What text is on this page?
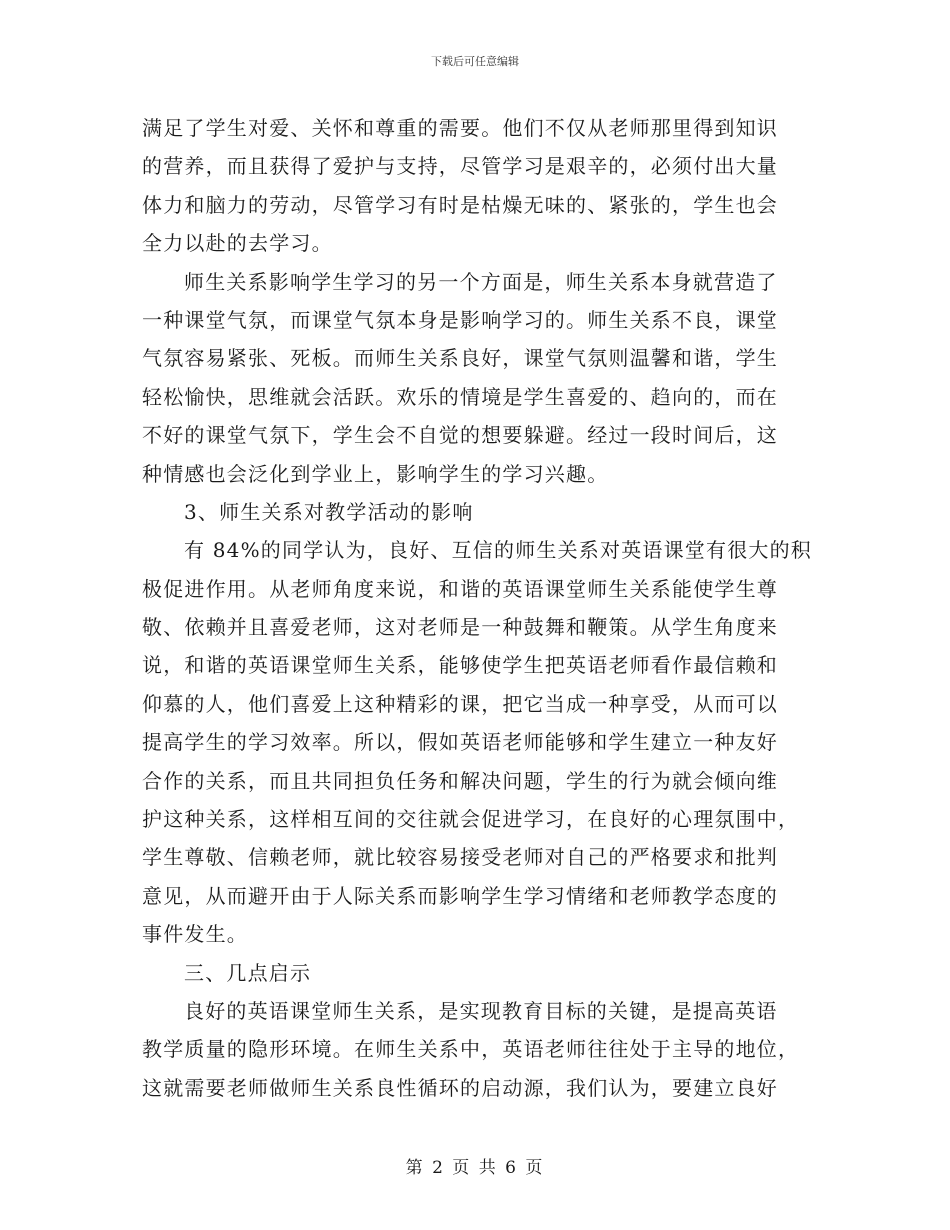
下载后可任意编辑
满足了学生对爱、关怀和尊重的需要。他们不仅从老师那里得到知识
的营养，而且获得了爱护与支持，尽管学习是艰辛的，必须付出大量
体力和脑力的劳动，尽管学习有时是枯燥无味的、紧张的，学生也会
全力以赴的去学习。
师生关系影响学生学习的另一个方面是，师生关系本身就营造了
一种课堂气氛，而课堂气氛本身是影响学习的。师生关系不良，课堂
气氛容易紧张、死板。而师生关系良好，课堂气氛则温馨和谐，学生
轻松愉快，思维就会活跃。欢乐的情境是学生喜爱的、趋向的，而在
不好的课堂气氛下，学生会不自觉的想要躲避。经过一段时间后，这
种情感也会泛化到学业上，影响学生的学习兴趣。
3、师生关系对教学活动的影响
有 84%的同学认为，良好、互信的师生关系对英语课堂有很大的积
极促进作用。从老师角度来说，和谐的英语课堂师生关系能使学生尊
敬、依赖并且喜爱老师，这对老师是一种鼓舞和鞭策。从学生角度来
说，和谐的英语课堂师生关系，能够使学生把英语老师看作最信赖和
仰慕的人，他们喜爱上这种精彩的课，把它当成一种享受，从而可以
提高学生的学习效率。所以，假如英语老师能够和学生建立一种友好
合作的关系，而且共同担负任务和解决问题，学生的行为就会倾向维
护这种关系，这样相互间的交往就会促进学习，在良好的心理氛围中，
学生尊敬、信赖老师，就比较容易接受老师对自己的严格要求和批判
意见，从而避开由于人际关系而影响学生学习情绪和老师教学态度的
事件发生。
三、几点启示
良好的英语课堂师生关系，是实现教育目标的关键，是提高英语
教学质量的隐形环境。在师生关系中，英语老师往往处于主导的地位，
这就需要老师做师生关系良性循环的启动源，我们认为，要建立良好
第 2 页 共 6 页
